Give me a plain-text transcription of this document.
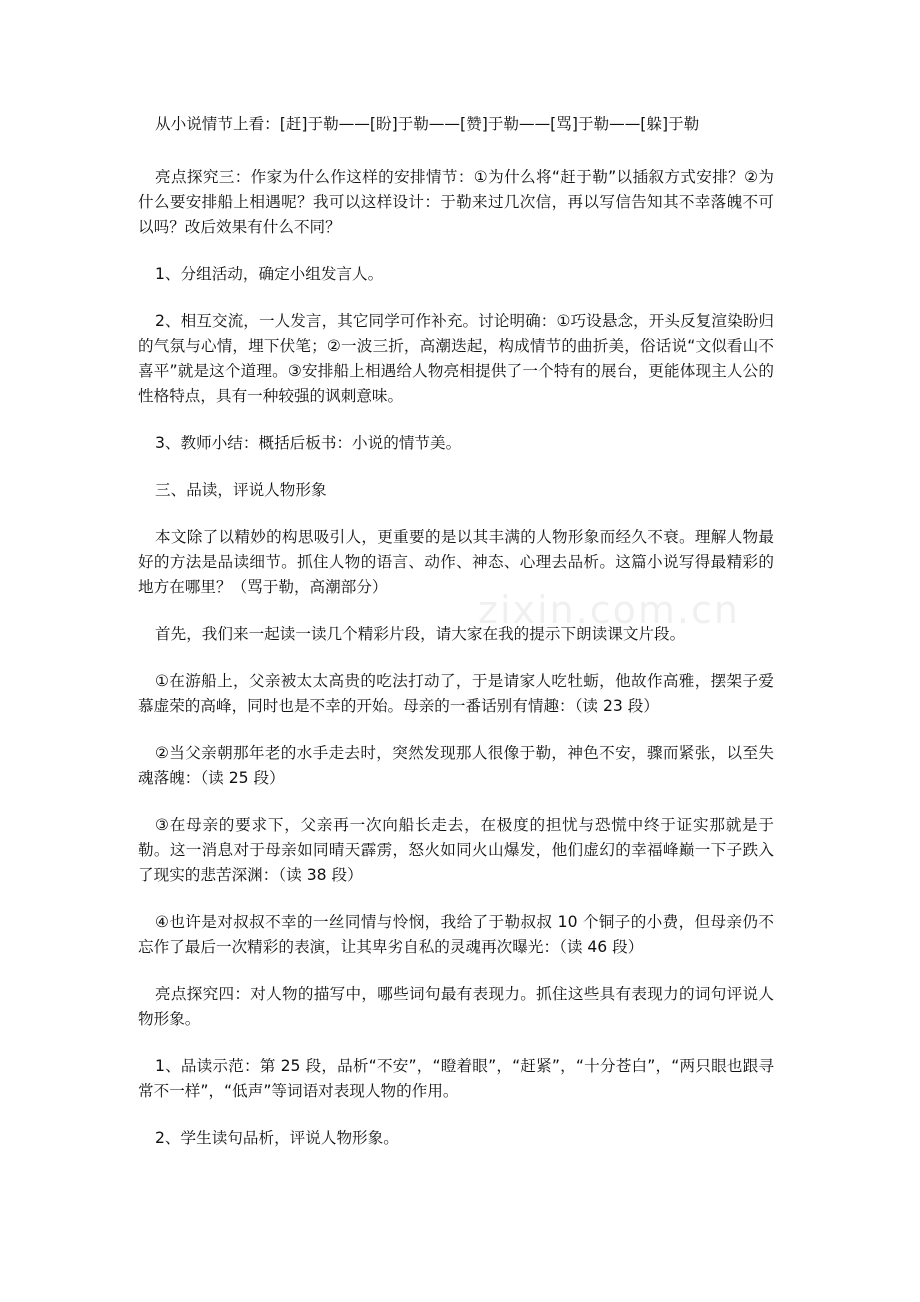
zixin.com.cn

从小说情节上看：[赶]于勒——[盼]于勒——[赞]于勒——[骂]于勒——[躲]于勒

亮点探究三：作家为什么作这样的安排情节：①为什么将“赶于勒”以插叙方式安排？②为什么要安排船上相遇呢？我可以这样设计：于勒来过几次信，再以写信告知其不幸落魄不可以吗？改后效果有什么不同？

1、分组活动，确定小组发言人。

2、相互交流，一人发言，其它同学可作补充。讨论明确：①巧设悬念，开头反复渲染盼归的气氛与心情，埋下伏笔；②一波三折，高潮迭起，构成情节的曲折美，俗话说“文似看山不喜平”就是这个道理。③安排船上相遇给人物亮相提供了一个特有的展台，更能体现主人公的性格特点，具有一种较强的讽刺意味。

3、教师小结：概括后板书：小说的情节美。

三、品读，评说人物形象

本文除了以精妙的构思吸引人，更重要的是以其丰满的人物形象而经久不衰。理解人物最好的方法是品读细节。抓住人物的语言、动作、神态、心理去品析。这篇小说写得最精彩的地方在哪里？（骂于勒，高潮部分）

首先，我们来一起读一读几个精彩片段，请大家在我的提示下朗读课文片段。

①在游船上，父亲被太太高贵的吃法打动了，于是请家人吃牡蛎，他故作高雅，摆架子爱慕虚荣的高峰，同时也是不幸的开始。母亲的一番话别有情趣：（读 23 段）

②当父亲朝那年老的水手走去时，突然发现那人很像于勒，神色不安，骤而紧张，以至失魂落魄：（读 25 段）

③在母亲的要求下，父亲再一次向船长走去，在极度的担忧与恐慌中终于证实那就是于勒。这一消息对于母亲如同晴天霹雳，怒火如同火山爆发，他们虚幻的幸福峰巅一下子跌入了现实的悲苦深渊：（读 38 段）

④也许是对叔叔不幸的一丝同情与怜悯，我给了于勒叔叔 10 个铜子的小费，但母亲仍不忘作了最后一次精彩的表演，让其卑劣自私的灵魂再次曝光：（读 46 段）

亮点探究四：对人物的描写中，哪些词句最有表现力。抓住这些具有表现力的词句评说人物形象。

1、品读示范：第 25 段，品析“不安”，“瞪着眼”，“赶紧”，“十分苍白”，“两只眼也跟寻常不一样”，“低声”等词语对表现人物的作用。

2、学生读句品析，评说人物形象。
